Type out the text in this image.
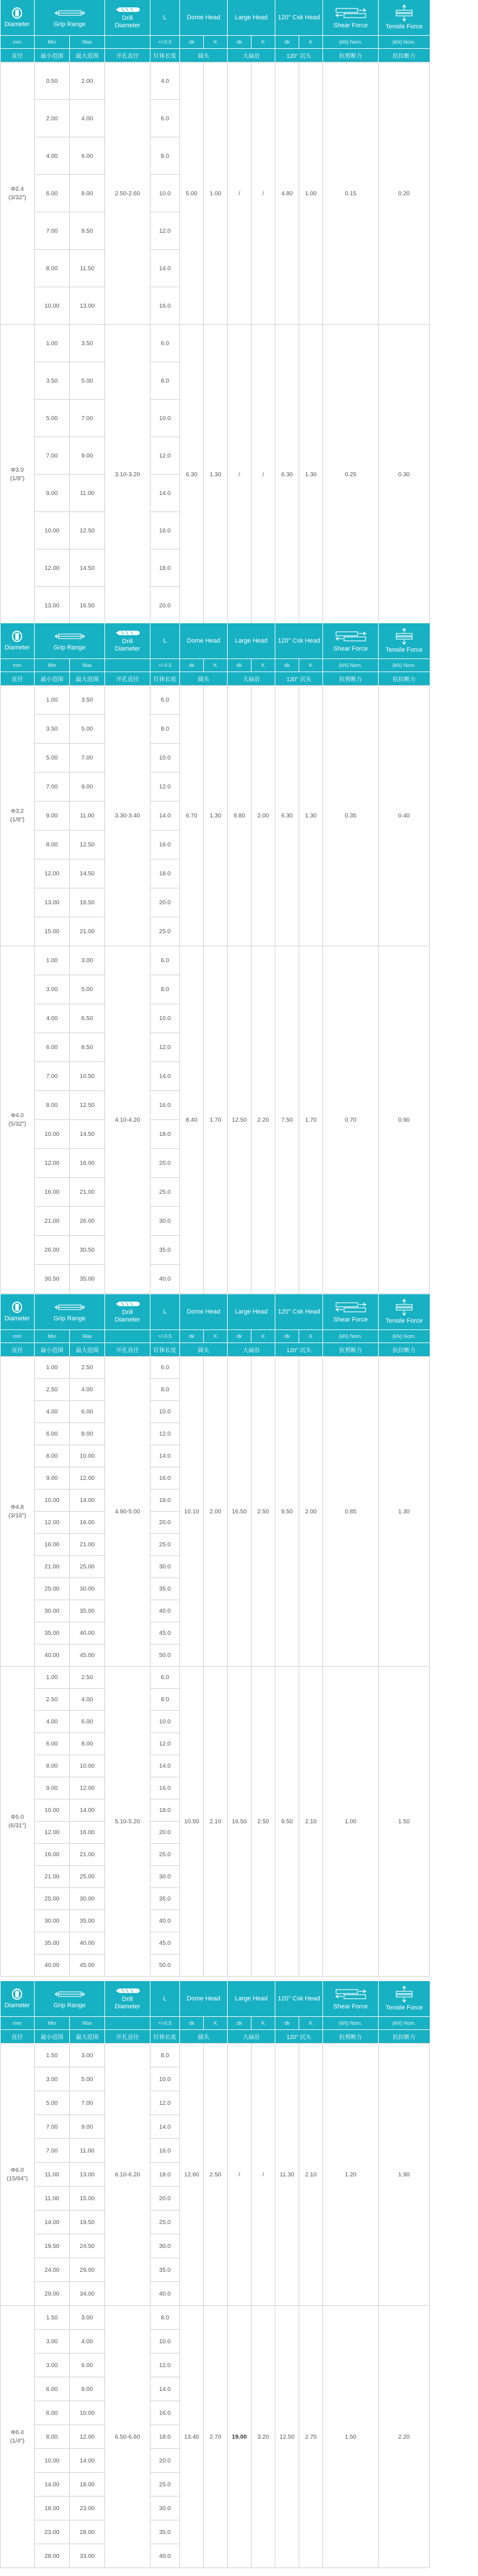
Diameter	Grip Range		Drill
Diameter	L	Dome Head		Large Head		120° Csk Head		Shear Force	Tensile Force

mm	Min	Max		+/-0.5	dk	K	dk	K	dk	K	(kN) Nom.	(kN) Nom.
直径	最小范围	最大范围	开孔直径	钉体长度	圆头		大扁沿		120° 沉头		抗剪断力	抗拉断力

Φ2.4
(3/32")	0.50	2.00	2.50-2.60	4.0	5.00	1.00	/	/	4.80	1.00	0.15	0.20
	2.00	4.00		6.0								
	4.00	6.00		8.0								
	6.00	8.00		10.0								
	7.00	9.50		12.0								
	8.00	11.50		14.0								
	10.00	13.00		16.0								

Φ3.0
(1/8")	1.00	3.50	3.10-3.20	6.0	6.30	1.30	/	/	6.30	1.30	0.25	0.30
	3.50	5.00		8.0								
	5.00	7.00		10.0								
	7.00	9.00		12.0								
	9.00	11.00		14.0								
	10.00	12.50		16.0								
	12.00	14.50		18.0								
	13.00	16.50		20.0								
Diameter	Grip Range		Drill
Diameter	L	Dome Head		Large Head		120° Csk Head		Shear Force	Tensile Force

mm	Min	Max		+/-0.5	dk	K	dk	K	dk	K	(kN) Nom.	(kN) Nom.
直径	最小范围	最大范围	开孔直径	钉体长度	圆头		大扁沿		120° 沉头		抗剪断力	抗拉断力

Φ3.2
(1/8")	1.00	3.50	3.30-3.40	6.0	6.70	1.30	9.80	2.00	6.30	1.30	0.35	0.40
	3.50	5.00		8.0								
	5.00	7.00		10.0								
	7.00	9.00		12.0								
	9.00	11.00		14.0								
	8.00	12.50		16.0								
	12.00	14.50		18.0								
	13.00	16.50		20.0								
	15.00	21.00		25.0								

Φ4.0
(5/32")	1.00	3.00	4.10-4.20	6.0	8.40	1.70	12.50	2.20	7.50	1.70	0.70	0.90
	3.00	5.00		8.0								
	4.00	6.50		10.0								
	6.00	8.50		12.0								
	7.00	10.50		14.0								
	8.00	12.50		16.0								
	10.00	14.50		18.0								
	12.00	16.00		20.0								
	16.00	21.00		25.0								
	21.00	26.00		30.0								
	26.00	30.50		35.0								
	30.50	35.00		40.0								
Diameter	Grip Range		Drill
Diameter	L	Dome Head		Large Head		120° Csk Head		Shear Force	Tensile Force

mm	Min	Max		+/-0.5	dk	K	dk	K	dk	K	(kN) Nom.	(kN) Nom.
直径	最小范围	最大范围	开孔直径	钉体长度	圆头		大扁沿		120° 沉头		抗剪断力	抗拉断力

Φ4.8
(3/16")	1.00	2.50	4.90-5.00	6.0	10.10	2.00	16.50	2.50	9.50	2.00	0.85	1.30
	2.50	4.00		8.0								
	4.00	6.00		10.0								
	6.00	8.00		12.0								
	8.00	10.00		14.0								
	9.00	12.00		16.0								
	10.00	14.00		18.0								
	12.00	16.00		20.0								
	16.00	21.00		25.0								
	21.00	25.00		30.0								
	25.00	30.00		35.0								
	30.00	35.00		40.0								
	35.00	40.00		45.0								
	40.00	45.00		50.0								

Φ5.0
(6/31")	1.00	2.50	5.10-5.20	6.0	10.50	2.10	16.50	2.50	9.50	2.10	1.00	1.50
	2.50	4.00		8.0								
	4.00	6.00		10.0								
	6.00	8.00		12.0								
	8.00	10.00		14.0								
	9.00	12.00		16.0								
	10.00	14.00		18.0								
	12.00	16.00		20.0								
	16.00	21.00		25.0								
	21.00	25.00		30.0								
	25.00	30.00		35.0								
	30.00	35.00		40.0								
	35.00	40.00		45.0								
	40.00	45.00		50.0								
Diameter	Grip Range		Drill
Diameter	L	Dome Head		Large Head		120° Csk Head		Shear Force	Tensile Force

mm	Min	Max		+/-0.5	dk	K	dk	K	dk	K	(kN) Nom.	(kN) Nom.
直径	最小范围	最大范围	开孔直径	钉体长度	圆头		大扁沿		120° 沉头		抗剪断力	抗拉断力

Φ6.0
(15/64")	1.50	3.00	6.10-6.20	8.0	12.60	2.50	/	/	11.30	2.10	1.20	1.90
	3.00	5.00		10.0								
	5.00	7.00		12.0								
	7.00	9.00		14.0								
	7.00	11.00		16.0								
	11.00	13.00		18.0								
	11.00	15.00		20.0								
	14.00	19.50		25.0								
	19.50	24.50		30.0								
	24.00	29.00		35.0								
	29.00	34.00		40.0								

Φ6.4
(1/4")	1.50	3.00	6.50-6.60	8.0	13.40	2.70	19.00	3.20	12.50	2.70	1.50	2.20
	3.00	4.00		10.0								
	3.00	6.00		12.0								
	6.00	8.00		14.0								
	6.00	10.00		16.0								
	8.00	12.00		18.0								
	10.00	14.00		20.0								
	14.00	18.00		25.0								
	18.00	23.00		30.0								
	23.00	28.00		35.0								
	28.00	33.00		40.0								
